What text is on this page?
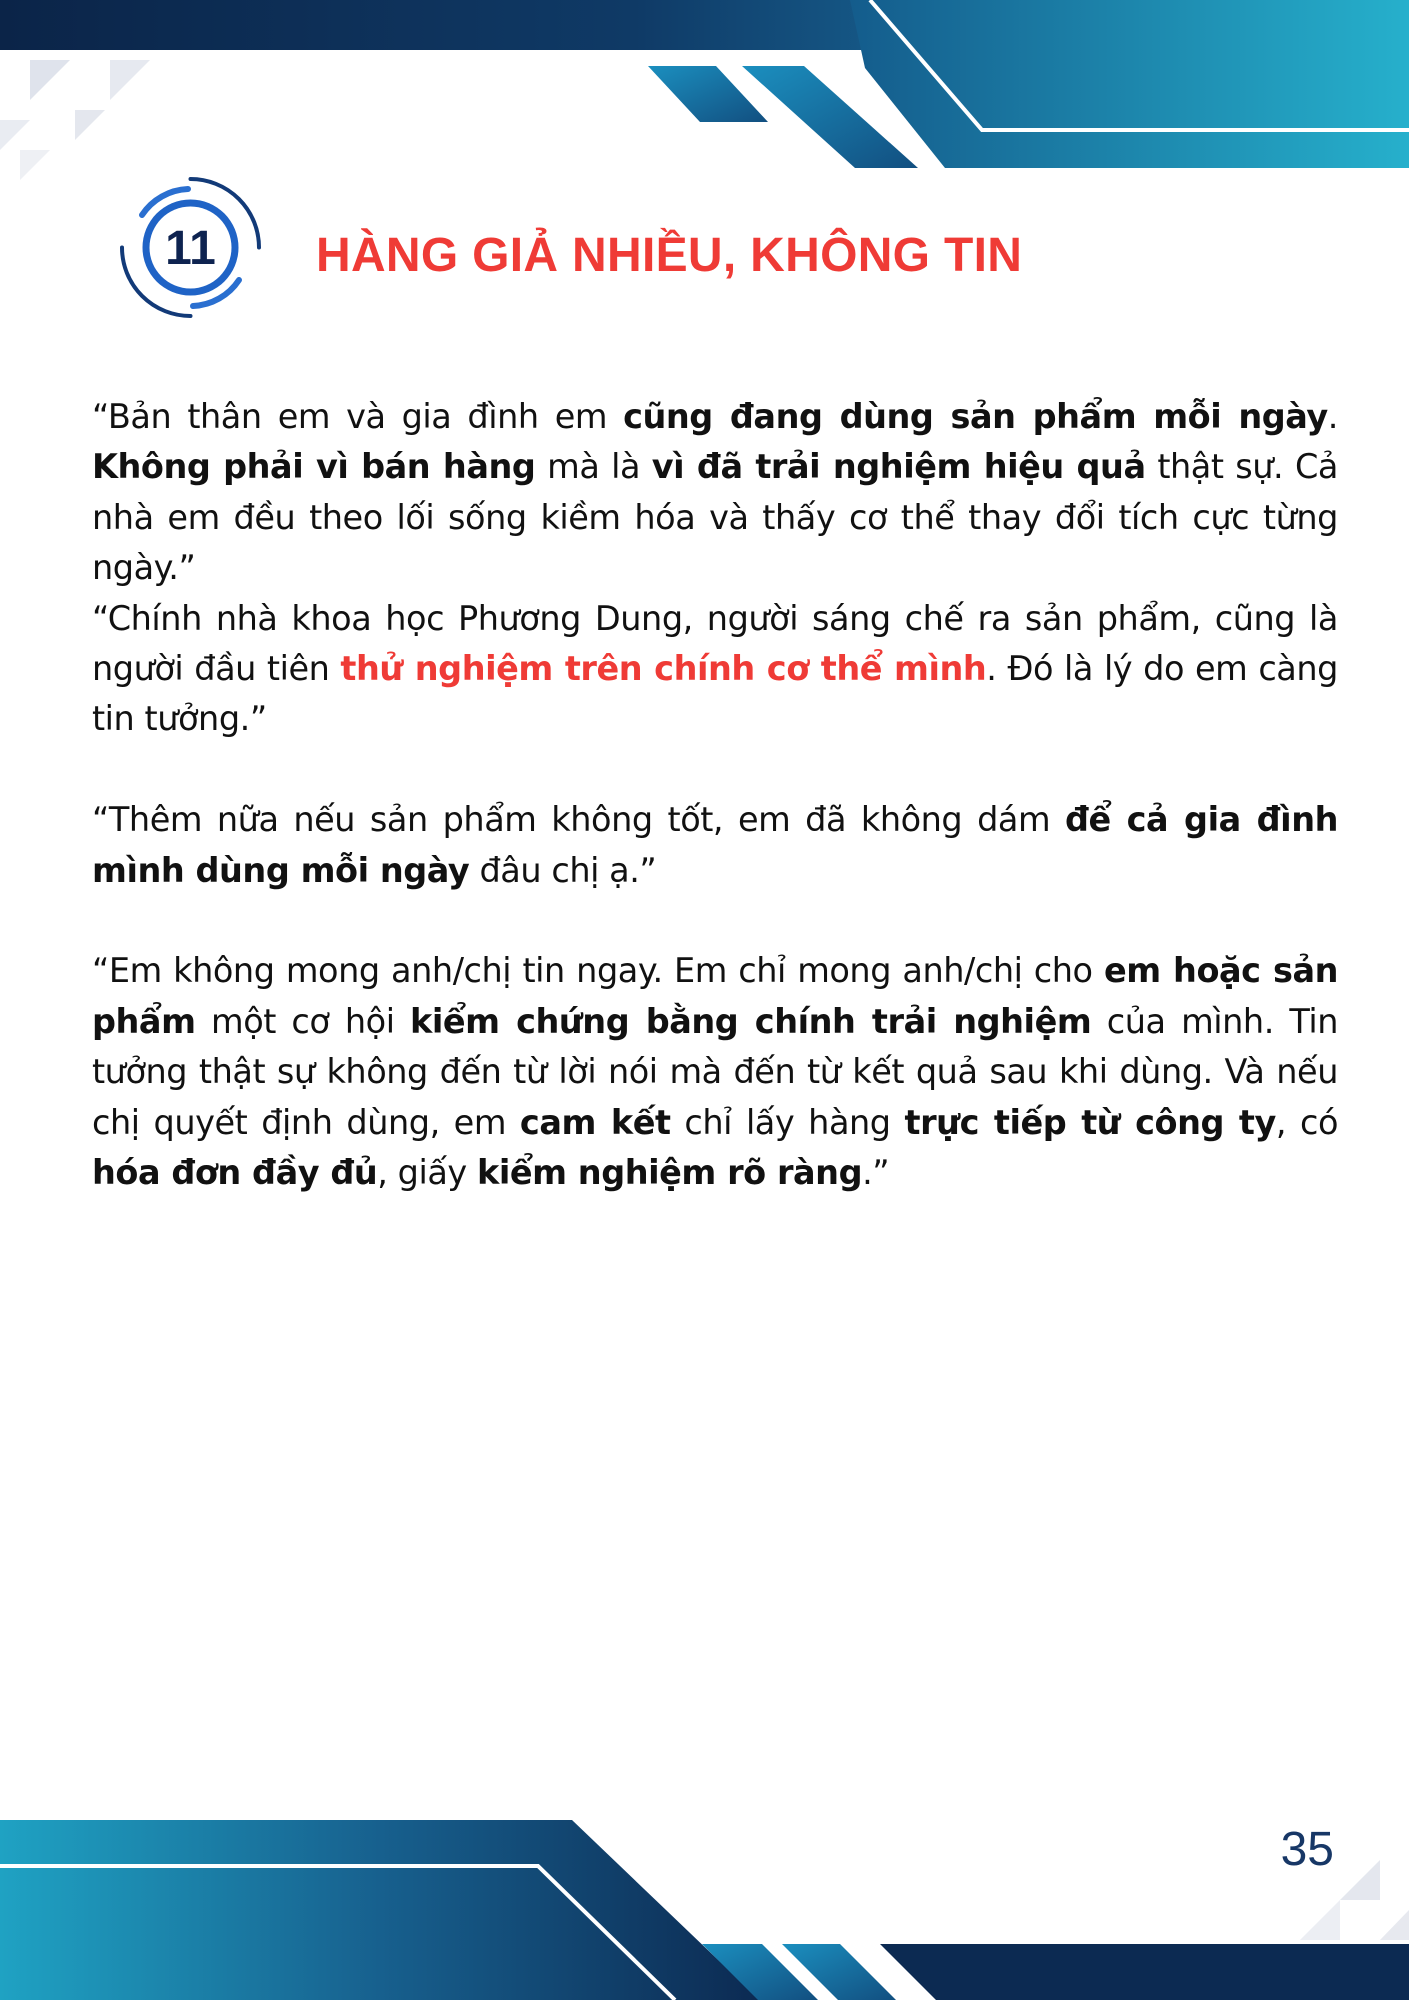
11 HÀNG GIẢ NHIỀU, KHÔNG TIN

“Bản thân em và gia đình em cũng đang dùng sản phẩm mỗi ngày. Không phải vì bán hàng mà là vì đã trải nghiệm hiệu quả thật sự. Cả nhà em đều theo lối sống kiềm hóa và thấy cơ thể thay đổi tích cực từng ngày.”

“Chính nhà khoa học Phương Dung, người sáng chế ra sản phẩm, cũng là người đầu tiên thử nghiệm trên chính cơ thể mình. Đó là lý do em càng tin tưởng.”

“Thêm nữa nếu sản phẩm không tốt, em đã không dám để cả gia đình mình dùng mỗi ngày đâu chị ạ.”

“Em không mong anh/chị tin ngay. Em chỉ mong anh/chị cho em hoặc sản phẩm một cơ hội kiểm chứng bằng chính trải nghiệm của mình. Tin tưởng thật sự không đến từ lời nói mà đến từ kết quả sau khi dùng. Và nếu chị quyết định dùng, em cam kết chỉ lấy hàng trực tiếp từ công ty, có hóa đơn đầy đủ, giấy kiểm nghiệm rõ ràng.”

35
